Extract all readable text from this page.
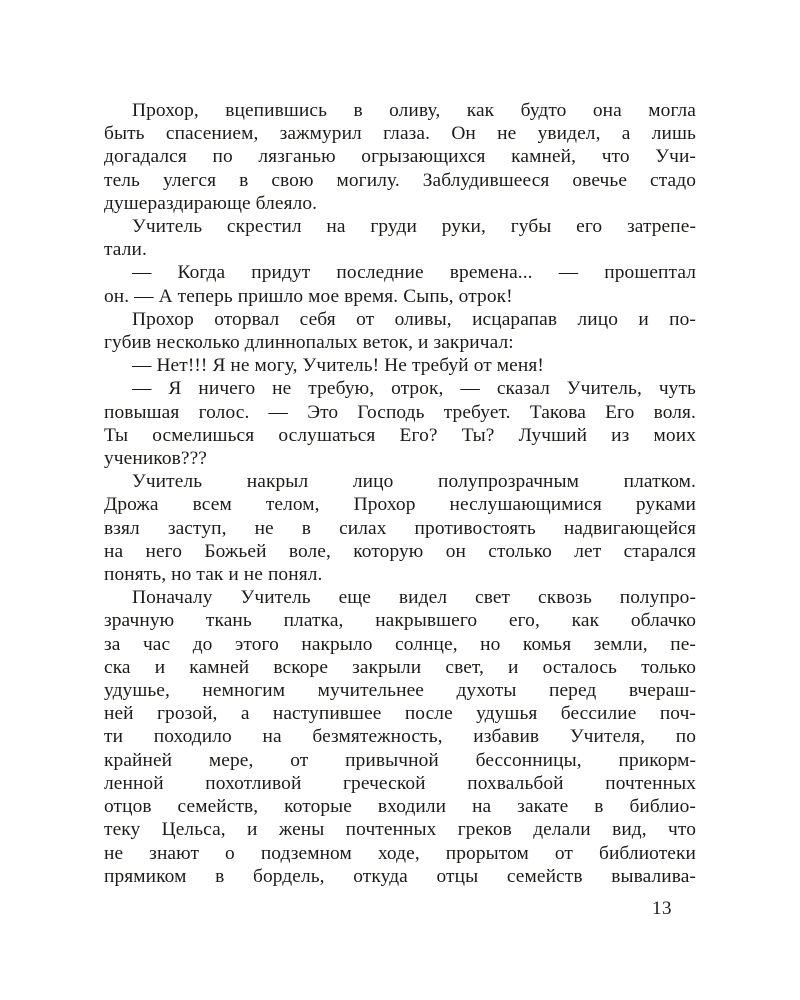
Прохор, вцепившись в оливу, как будто она могла
быть спасением, зажмурил глаза. Он не увидел, а лишь
догадался по лязганью огрызающихся камней, что Учи-
тель улегся в свою могилу. Заблудившееся овечье стадо
душераздирающе блеяло.
Учитель скрестил на груди руки, губы его затрепе-
тали.
— Когда придут последние времена... — прошептал
он. — А теперь пришло мое время. Сыпь, отрок!
Прохор оторвал себя от оливы, исцарапав лицо и по-
губив несколько длиннопалых веток, и закричал:
— Нет!!! Я не могу, Учитель! Не требуй от меня!
— Я ничего не требую, отрок, — сказал Учитель, чуть
повышая голос. — Это Господь требует. Такова Его воля.
Ты осмелишься ослушаться Его? Ты? Лучший из моих
учеников???
Учитель накрыл лицо полупрозрачным платком.
Дрожа всем телом, Прохор неслушающимися руками
взял заступ, не в силах противостоять надвигающейся
на него Божьей воле, которую он столько лет старался
понять, но так и не понял.
Поначалу Учитель еще видел свет сквозь полупро-
зрачную ткань платка, накрывшего его, как облачко
за час до этого накрыло солнце, но комья земли, пе-
ска и камней вскоре закрыли свет, и осталось только
удушье, немногим мучительнее духоты перед вчераш-
ней грозой, а наступившее после удушья бессилие поч-
ти походило на безмятежность, избавив Учителя, по
крайней мере, от привычной бессонницы, прикорм-
ленной похотливой греческой похвальбой почтенных
отцов семейств, которые входили на закате в библио-
теку Цельса, и жены почтенных греков делали вид, что
не знают о подземном ходе, прорытом от библиотеки
прямиком в бордель, откуда отцы семейств вывалива-
13
